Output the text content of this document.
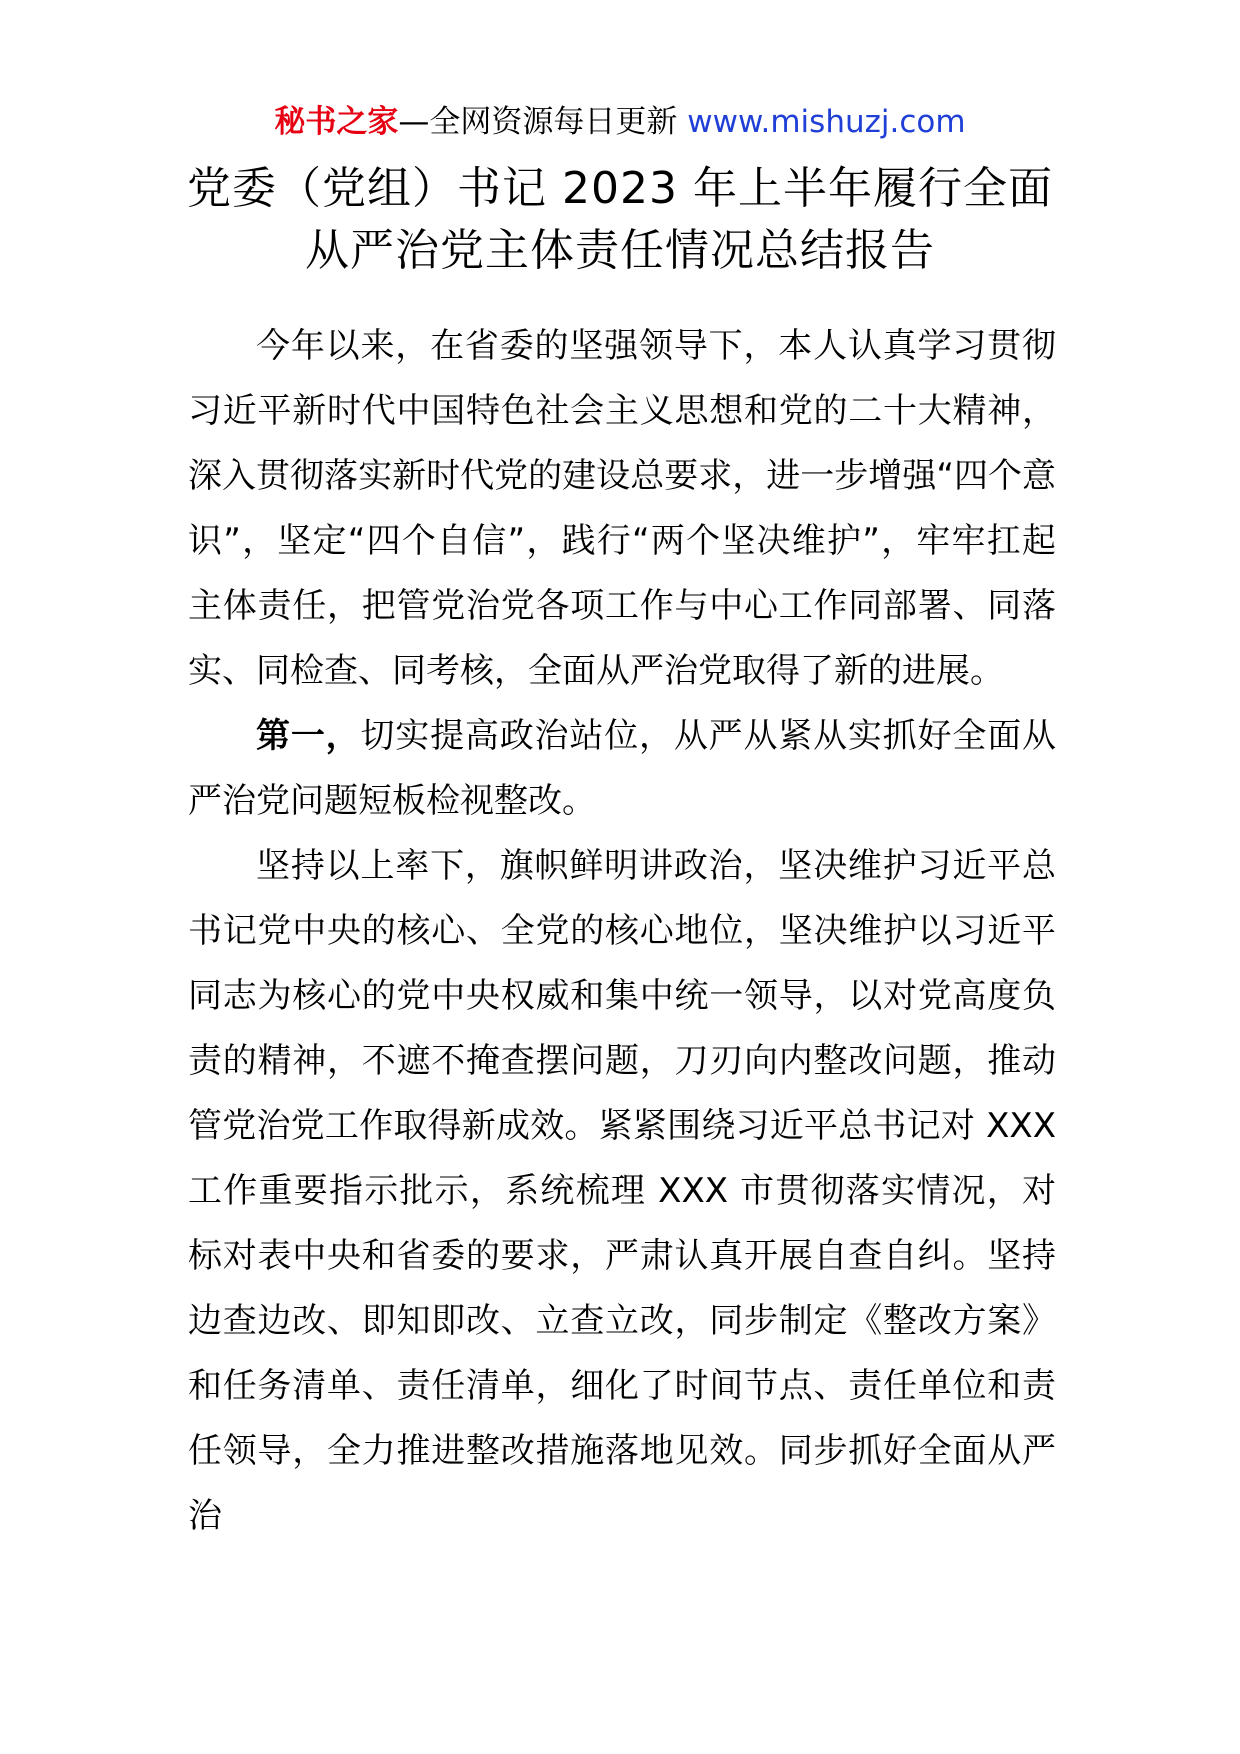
秘书之家—全网资源每日更新 www.mishuzj.com
党委（党组）书记 2023 年上半年履行全面
从严治党主体责任情况总结报告

今年以来，在省委的坚强领导下，本人认真学习贯彻习近平新时代中国特色社会主义思想和党的二十大精神，深入贯彻落实新时代党的建设总要求，进一步增强“四个意识”，坚定“四个自信”，践行“两个坚决维护”，牢牢扛起主体责任，把管党治党各项工作与中心工作同部署、同落实、同检查、同考核，全面从严治党取得了新的进展。

第一，切实提高政治站位，从严从紧从实抓好全面从严治党问题短板检视整改。

坚持以上率下，旗帜鲜明讲政治，坚决维护习近平总书记党中央的核心、全党的核心地位，坚决维护以习近平同志为核心的党中央权威和集中统一领导，以对党高度负责的精神，不遮不掩查摆问题，刀刃向内整改问题，推动管党治党工作取得新成效。紧紧围绕习近平总书记对 XXX 工作重要指示批示，系统梳理 XXX 市贯彻落实情况，对标对表中央和省委的要求，严肃认真开展自查自纠。坚持边查边改、即知即改、立查立改，同步制定《整改方案》和任务清单、责任清单，细化了时间节点、责任单位和责任领导，全力推进整改措施落地见效。同步抓好全面从严治
